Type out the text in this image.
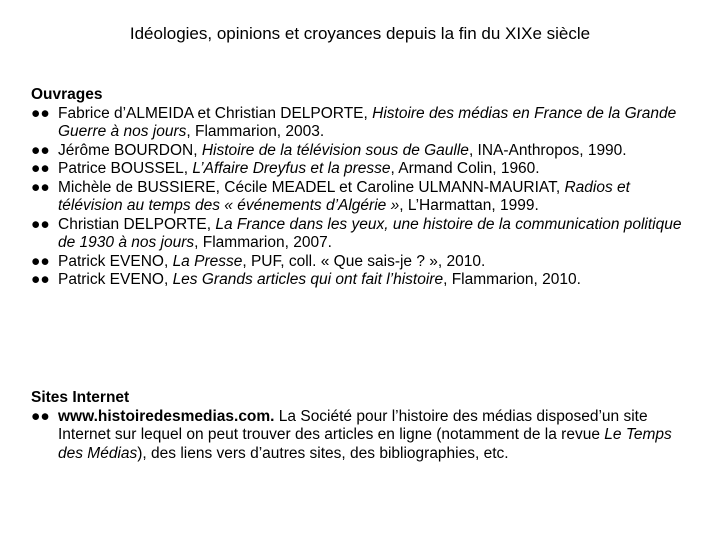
Idéologies, opinions et croyances depuis la fin du XIXe siècle
Ouvrages
●● Fabrice d’ALMEIDA et Christian DELPORTE, Histoire des médias en France de la Grande Guerre à nos jours, Flammarion, 2003.
●● Jérôme BOURDON, Histoire de la télévision sous de Gaulle, INA-Anthropos, 1990.
●● Patrice BOUSSEL, L’Affaire Dreyfus et la presse, Armand Colin, 1960.
●● Michèle de BUSSIERE, Cécile MEADEL et Caroline ULMANN-MAURIAT, Radios et télévision au temps des « événements d’Algérie », L’Harmattan, 1999.
●● Christian DELPORTE, La France dans les yeux, une histoire de la communication politique de 1930 à nos jours, Flammarion, 2007.
●● Patrick EVENO, La Presse, PUF, coll. « Que sais-je ? », 2010.
●● Patrick EVENO, Les Grands articles qui ont fait l’histoire, Flammarion, 2010.
Sites Internet
●● www.histoiredesmedias.com. La Société pour l’histoire des médias disposed’un site Internet sur lequel on peut trouver des articles en ligne (notamment de la revue Le Temps des Médias), des liens vers d’autres sites, des bibliographies, etc.
